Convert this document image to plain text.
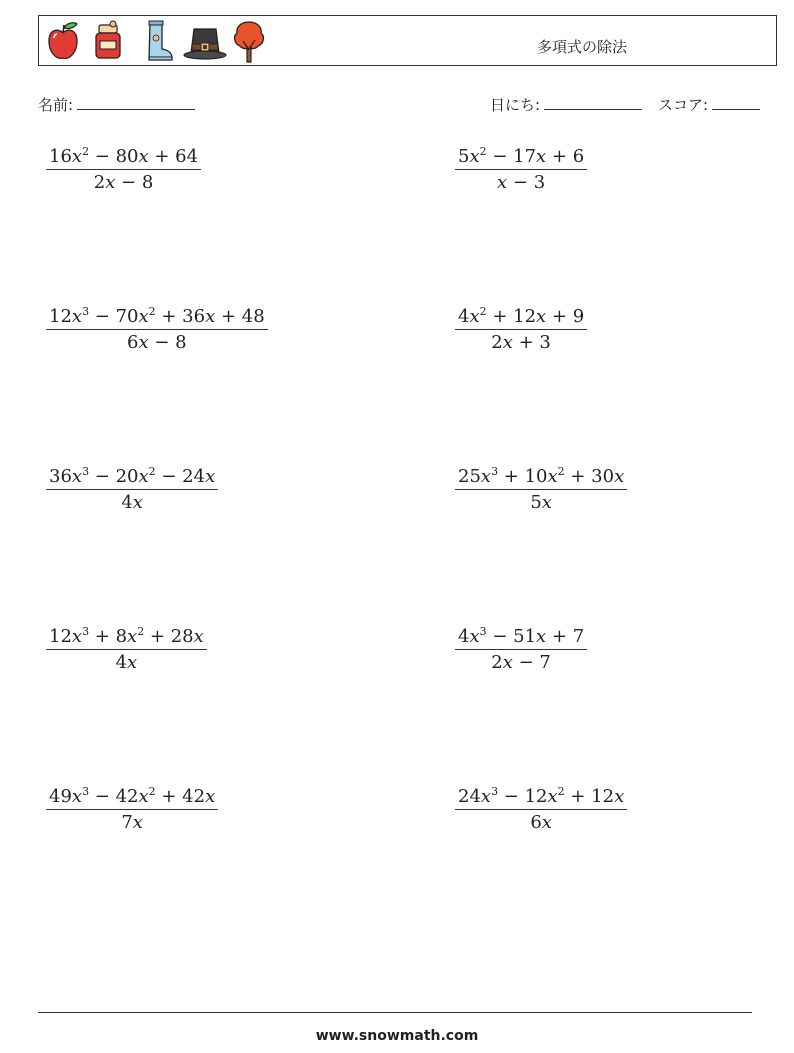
多項式の除法
名前:	日にち:	スコア:
$\frac{16x^2 - 80x + 64}{2x - 8}$	$\frac{5x^2 - 17x + 6}{x - 3}$
$\frac{12x^3 - 70x^2 + 36x + 48}{6x - 8}$	$\frac{4x^2 + 12x + 9}{2x + 3}$
$\frac{36x^3 - 20x^2 - 24x}{4x}$	$\frac{25x^3 + 10x^2 + 30x}{5x}$
$\frac{12x^3 + 8x^2 + 28x}{4x}$	$\frac{4x^3 - 51x + 7}{2x - 7}$
$\frac{49x^3 - 42x^2 + 42x}{7x}$	$\frac{24x^3 - 12x^2 + 12x}{6x}$
www.snowmath.com
